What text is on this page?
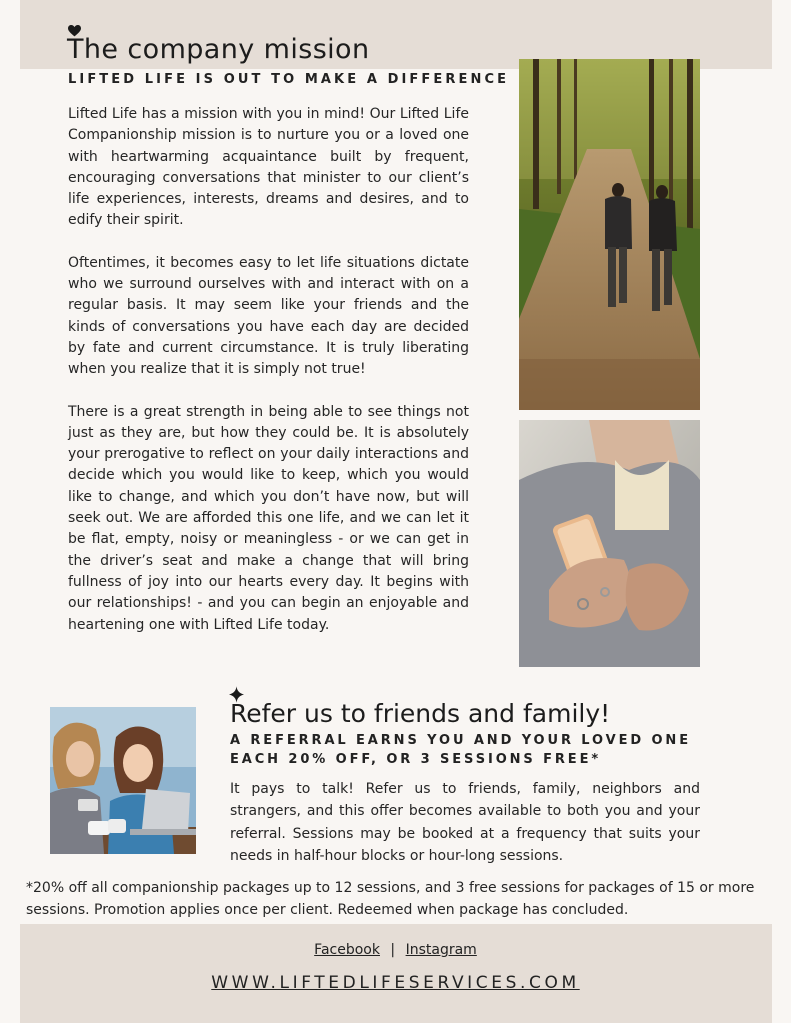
The company mission
LIFTED LIFE IS OUT TO MAKE A DIFFERENCE

Lifted Life has a mission with you in mind! Our Lifted Life Companionship mission is to nurture you or a loved one with heartwarming acquaintance built by frequent, encouraging conversations that minister to our client’s life experiences, interests, dreams and desires, and to edify their spirit.

Oftentimes, it becomes easy to let life situations dictate who we surround ourselves with and interact with on a regular basis. It may seem like your friends and the kinds of conversations you have each day are decided by fate and current circumstance. It is truly liberating when you realize that it is simply not true!

There is a great strength in being able to see things not just as they are, but how they could be. It is absolutely your prerogative to reflect on your daily interactions and decide which you would like to keep, which you would like to change, and which you don’t have now, but will seek out. We are afforded this one life, and we can let it be flat, empty, noisy or meaningless - or we can get in the driver’s seat and make a change that will bring fullness of joy into our hearts every day. It begins with our relationships! - and you can begin an enjoyable and heartening one with Lifted Life today.

Refer us to friends and family!
A REFERRAL EARNS YOU AND YOUR LOVED ONE EACH 20% OFF, OR 3 SESSIONS FREE*

It pays to talk! Refer us to friends, family, neighbors and strangers, and this offer becomes available to both you and your referral. Sessions may be booked at a frequency that suits your needs in half-hour blocks or hour-long sessions.

*20% off all companionship packages up to 12 sessions, and 3 free sessions for packages of 15 or more sessions. Promotion applies once per client. Redeemed when package has concluded.

Facebook | Instagram
WWW.LIFTEDLIFESERVICES.COM
